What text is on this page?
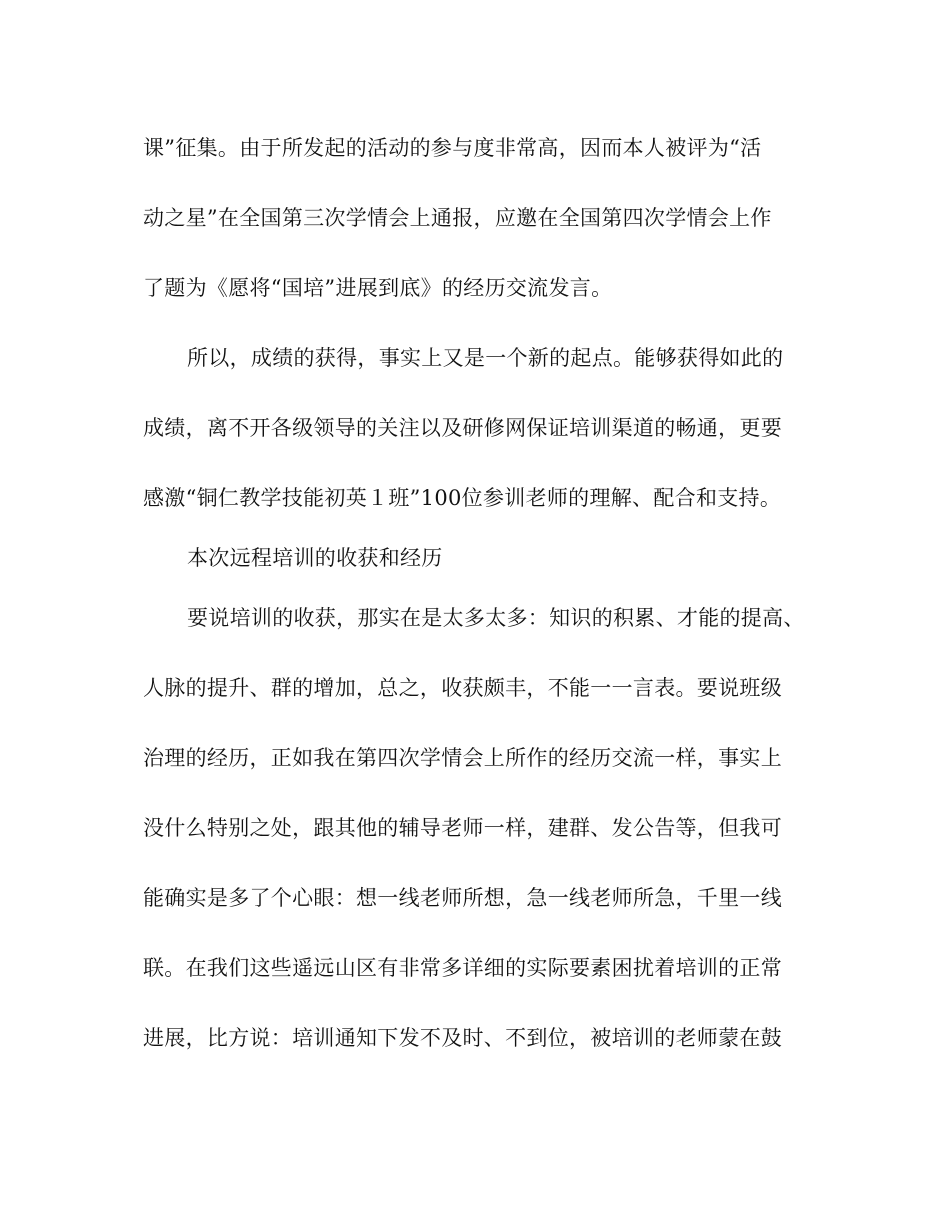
课”征集。由于所发起的活动的参与度非常高，因而本人被评为“活
动之星”在全国第三次学情会上通报，应邀在全国第四次学情会上作
了题为《愿将“国培”进展到底》的经历交流发言。
所以，成绩的获得，事实上又是一个新的起点。能够获得如此的
成绩，离不开各级领导的关注以及研修网保证培训渠道的畅通，更要
感激“铜仁教学技能初英１班”100位参训老师的理解、配合和支持。
本次远程培训的收获和经历
要说培训的收获，那实在是太多太多：知识的积累、才能的提高、
人脉的提升、群的增加，总之，收获颇丰，不能一一言表。要说班级
治理的经历，正如我在第四次学情会上所作的经历交流一样，事实上
没什么特别之处，跟其他的辅导老师一样，建群、发公告等，但我可
能确实是多了个心眼：想一线老师所想，急一线老师所急，千里一线
联。在我们这些遥远山区有非常多详细的实际要素困扰着培训的正常
进展，比方说：培训通知下发不及时、不到位，被培训的老师蒙在鼓
